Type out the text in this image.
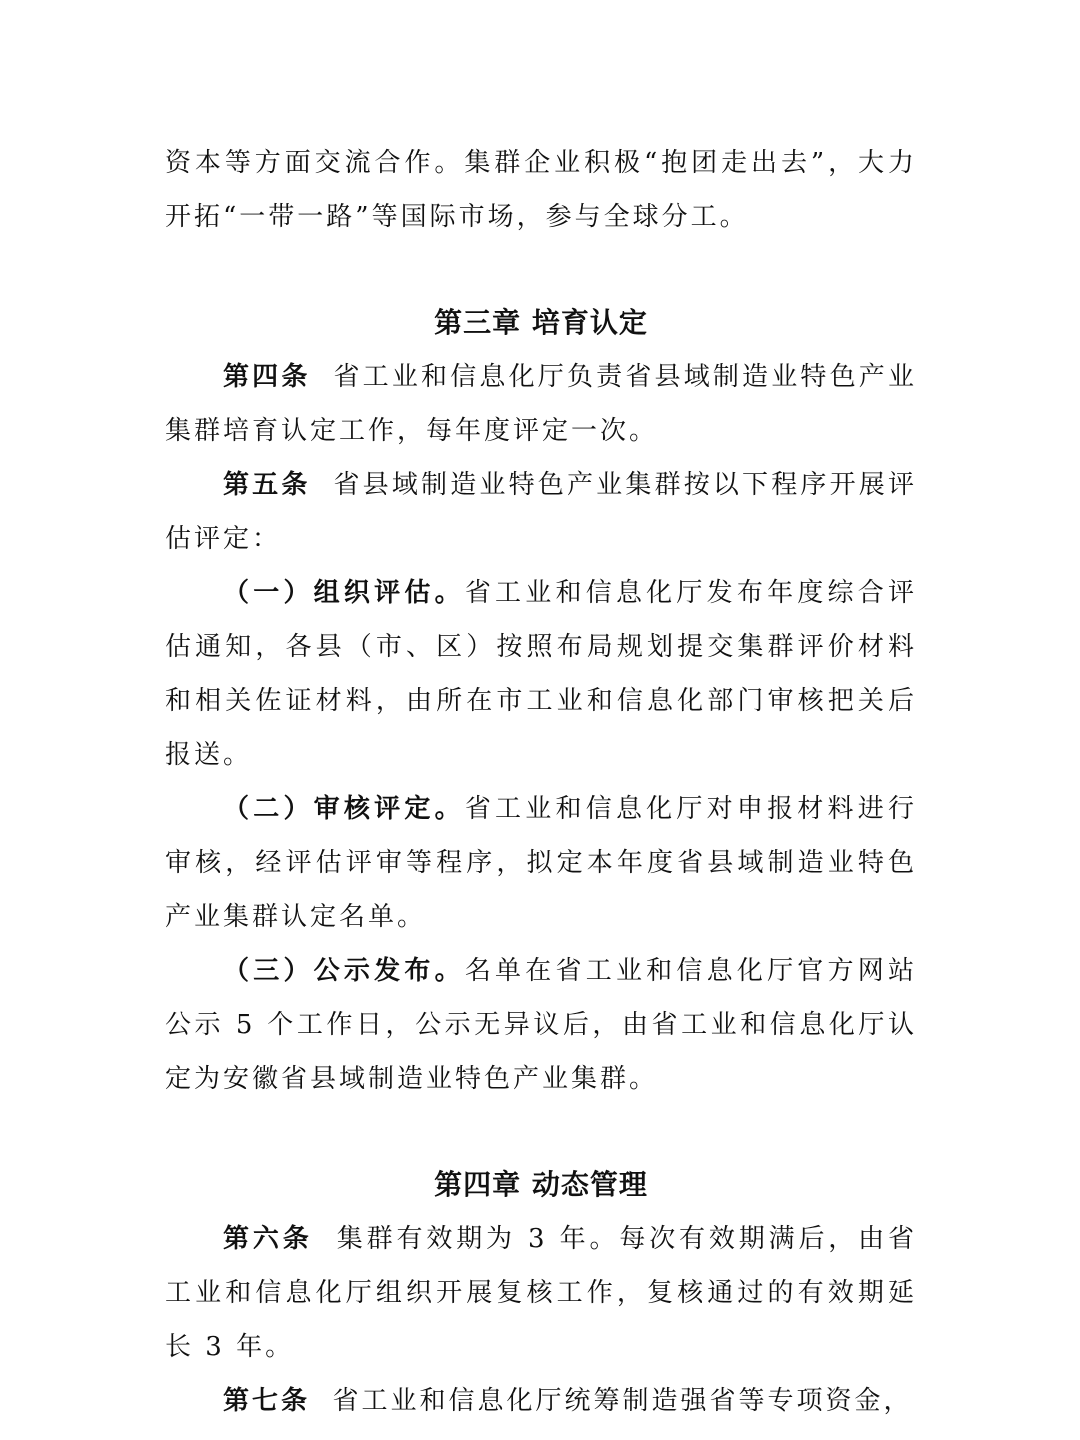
资本等方面交流合作。集群企业积极“抱团走出去”，大力开拓“一带一路”等国际市场，参与全球分工。

第三章 培育认定

第四条 省工业和信息化厅负责省县域制造业特色产业集群培育认定工作，每年度评定一次。

第五条 省县域制造业特色产业集群按以下程序开展评估评定：

（一）组织评估。省工业和信息化厅发布年度综合评估通知，各县（市、区）按照布局规划提交集群评价材料和相关佐证材料，由所在市工业和信息化部门审核把关后报送。

（二）审核评定。省工业和信息化厅对申报材料进行审核，经评估评审等程序，拟定本年度省县域制造业特色产业集群认定名单。

（三）公示发布。名单在省工业和信息化厅官方网站公示 5 个工作日，公示无异议后，由省工业和信息化厅认定为安徽省县域制造业特色产业集群。

第四章 动态管理

第六条 集群有效期为 3 年。每次有效期满后，由省工业和信息化厅组织开展复核工作，复核通过的有效期延长 3 年。

第七条 省工业和信息化厅统筹制造强省等专项资金，
